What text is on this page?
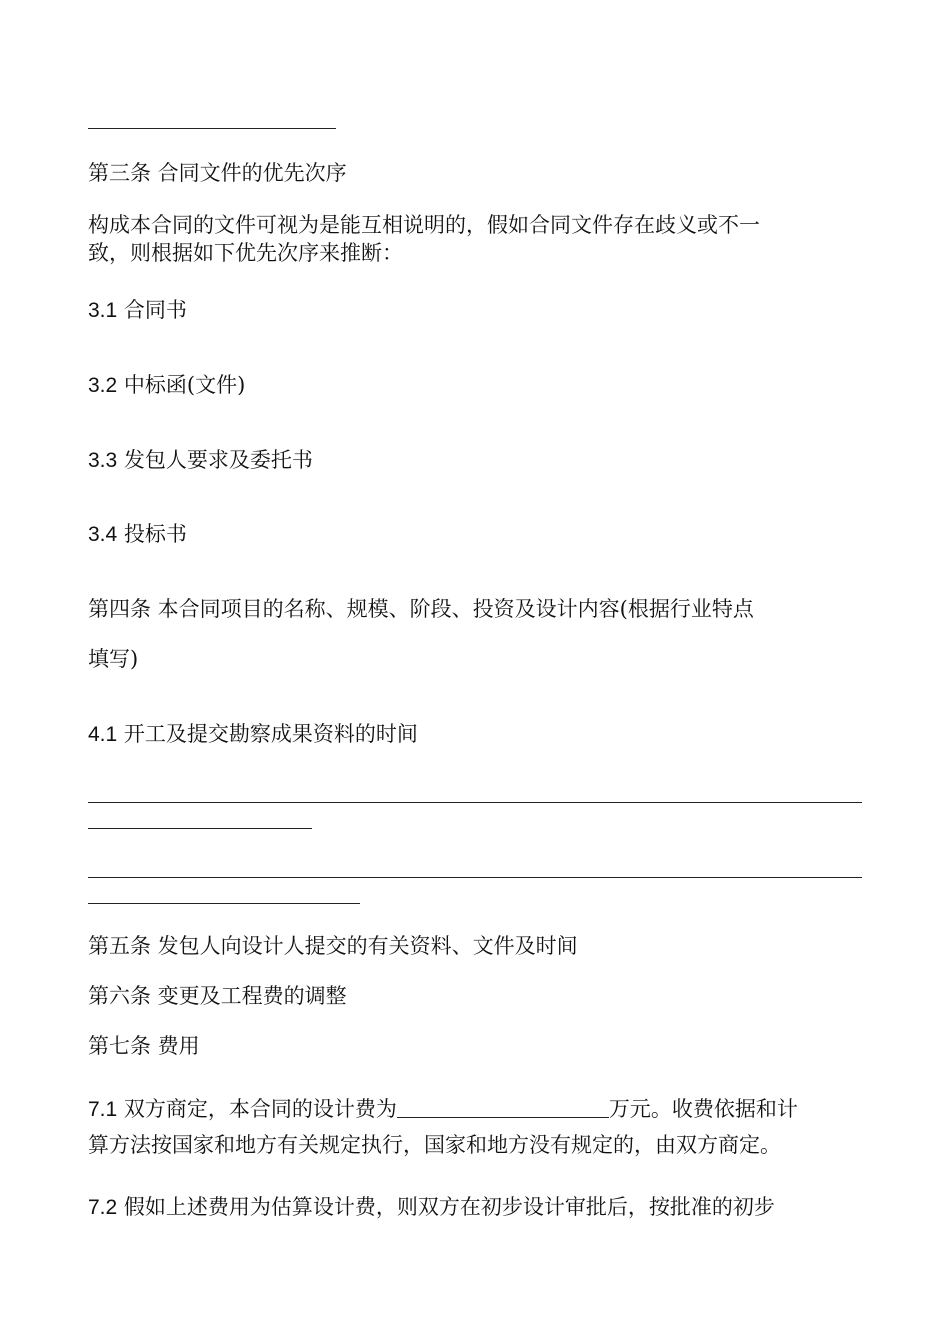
第三条 合同文件的优先次序

构成本合同的文件可视为是能互相说明的，假如合同文件存在歧义或不一

致，则根据如下优先次序来推断：

3.1 合同书

3.2 中标函(文件)

3.3 发包人要求及委托书

3.4 投标书

第四条 本合同项目的名称、规模、阶段、投资及设计内容(根据行业特点

填写)

4.1 开工及提交勘察成果资料的时间

第五条 发包人向设计人提交的有关资料、文件及时间

第六条 变更及工程费的调整

第七条 费用

7.1 双方商定，本合同的设计费为	万元。收费依据和计

算方法按国家和地方有关规定执行，国家和地方没有规定的，由双方商定。

7.2 假如上述费用为估算设计费，则双方在初步设计审批后，按批准的初步
